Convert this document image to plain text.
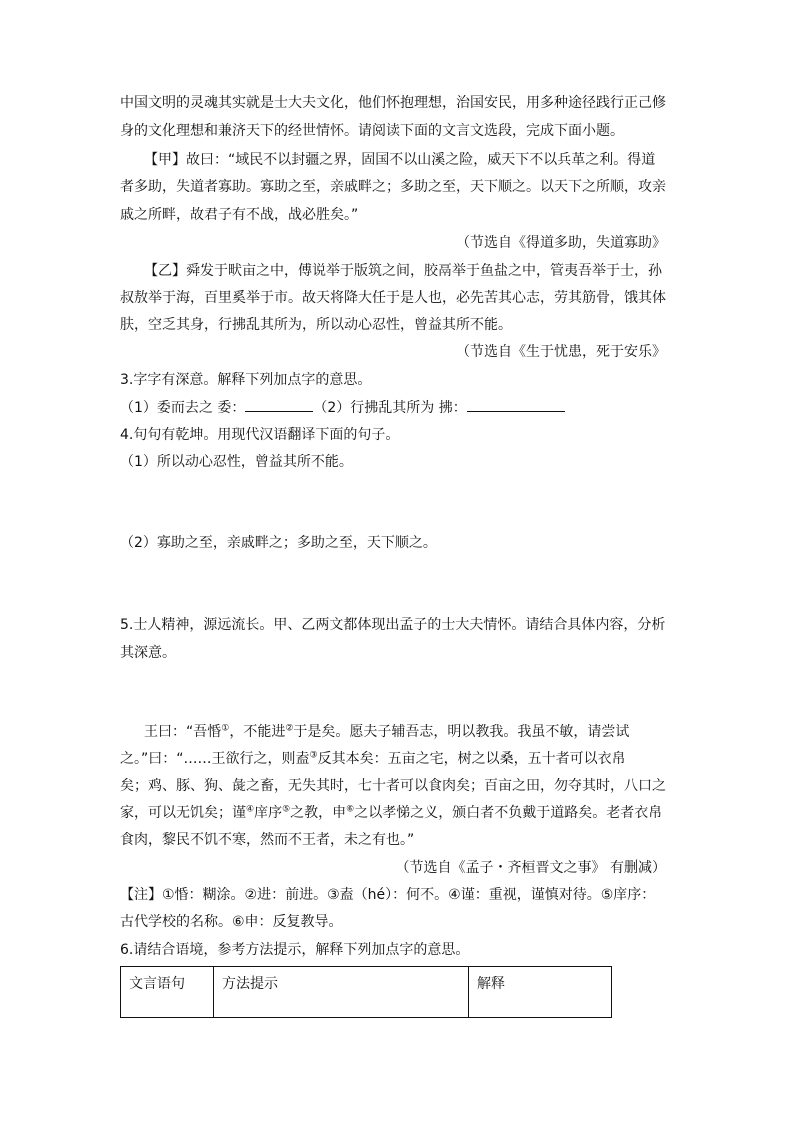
中国文明的灵魂其实就是士大夫文化，他们怀抱理想，治国安民，用多种途径践行正己修
身的文化理想和兼济天下的经世情怀。请阅读下面的文言文选段，完成下面小题。
【甲】故曰：“域民不以封疆之界，固国不以山溪之险，威天下不以兵革之利。得道
者多助，失道者寡助。寡助之至，亲戚畔之；多助之至，天下顺之。以天下之所顺，攻亲
戚之所畔，故君子有不战，战必胜矣。”
（节选自《得道多助，失道寡助》
【乙】舜发于畎亩之中，傅说举于版筑之间，胶鬲举于鱼盐之中，管夷吾举于士，孙
叔敖举于海，百里奚举于市。故天将降大任于是人也，必先苦其心志，劳其筋骨，饿其体
肤，空乏其身，行拂乱其所为，所以动心忍性，曾益其所不能。
（节选自《生于忧患，死于安乐》
3.字字有深意。解释下列加点字的意思。
（1）委而去之 委：	（2）行拂乱其所为 拂：
4.句句有乾坤。用现代汉语翻译下面的句子。
（1）所以动心忍性，曾益其所不能。
（2）寡助之至，亲戚畔之；多助之至，天下顺之。
5.士人精神，源远流长。甲、乙两文都体现出孟子的士大夫情怀。请结合具体内容，分析
其深意。
王曰：“吾惛①，不能进②于是矣。愿夫子辅吾志，明以教我。我虽不敏，请尝试
之。”曰：“……王欲行之，则盍③反其本矣：五亩之宅，树之以桑，五十者可以衣帛
矣；鸡、豚、狗、彘之畜，无失其时，七十者可以食肉矣；百亩之田，勿夺其时，八口之
家，可以无饥矣；谨④庠序⑤之教，申⑥之以孝悌之义，颁白者不负戴于道路矣。老者衣帛
食肉，黎民不饥不寒，然而不王者，未之有也。”
（节选自《孟子・齐桓晋文之事》 有删减）
【注】①惛：糊涂。②进：前进。③盍（hé）：何不。④谨：重视，谨慎对待。⑤庠序：
古代学校的名称。⑥申：反复教导。
6.请结合语境，参考方法提示，解释下列加点字的意思。
文言语句	方法提示	解释
